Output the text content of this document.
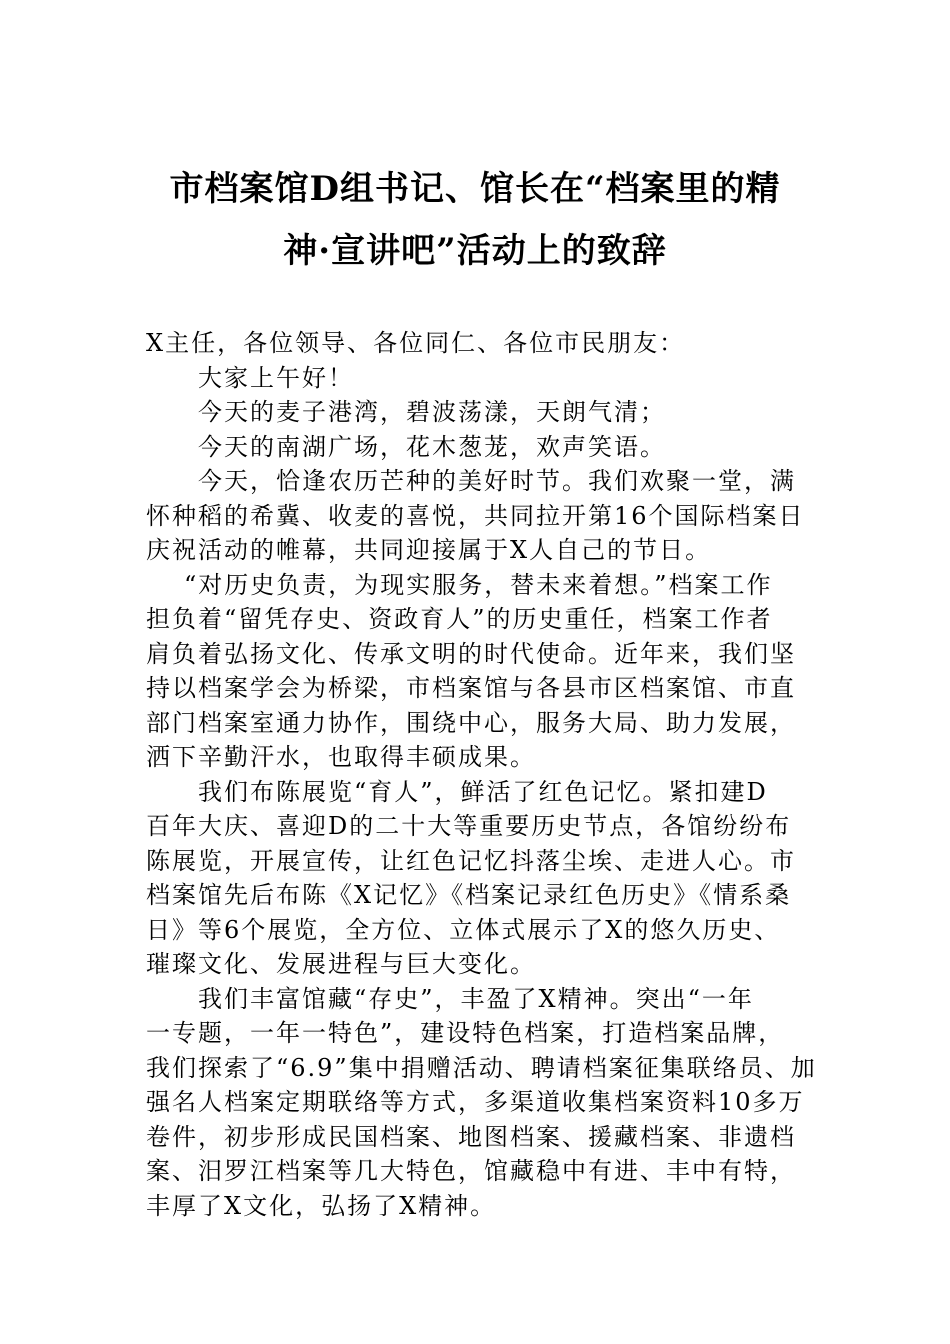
市档案馆D组书记、馆长在“档案里的精
神·宣讲吧”活动上的致辞
X主任，各位领导、各位同仁、各位市民朋友：
大家上午好！
今天的麦子港湾，碧波荡漾，天朗气清；
今天的南湖广场，花木葱茏，欢声笑语。
今天，恰逢农历芒种的美好时节。我们欢聚一堂，满
怀种稻的希冀、收麦的喜悦，共同拉开第16个国际档案日
庆祝活动的帷幕，共同迎接属于X人自己的节日。
“对历史负责，为现实服务，替未来着想。”档案工作
担负着“留凭存史、资政育人”的历史重任，档案工作者
肩负着弘扬文化、传承文明的时代使命。近年来，我们坚
持以档案学会为桥梁，市档案馆与各县市区档案馆、市直
部门档案室通力协作，围绕中心，服务大局、助力发展，
洒下辛勤汗水，也取得丰硕成果。
我们布陈展览“育人”，鲜活了红色记忆。紧扣建D
百年大庆、喜迎D的二十大等重要历史节点，各馆纷纷布
陈展览，开展宣传，让红色记忆抖落尘埃、走进人心。市
档案馆先后布陈《X记忆》《档案记录红色历史》《情系桑
日》等6个展览，全方位、立体式展示了X的悠久历史、
璀璨文化、发展进程与巨大变化。
我们丰富馆藏“存史”，丰盈了X精神。突出“一年
一专题，一年一特色”，建设特色档案，打造档案品牌，
我们探索了“6.9”集中捐赠活动、聘请档案征集联络员、加
强名人档案定期联络等方式，多渠道收集档案资料10多万
卷件，初步形成民国档案、地图档案、援藏档案、非遗档
案、汨罗江档案等几大特色，馆藏稳中有进、丰中有特，
丰厚了X文化，弘扬了X精神。
